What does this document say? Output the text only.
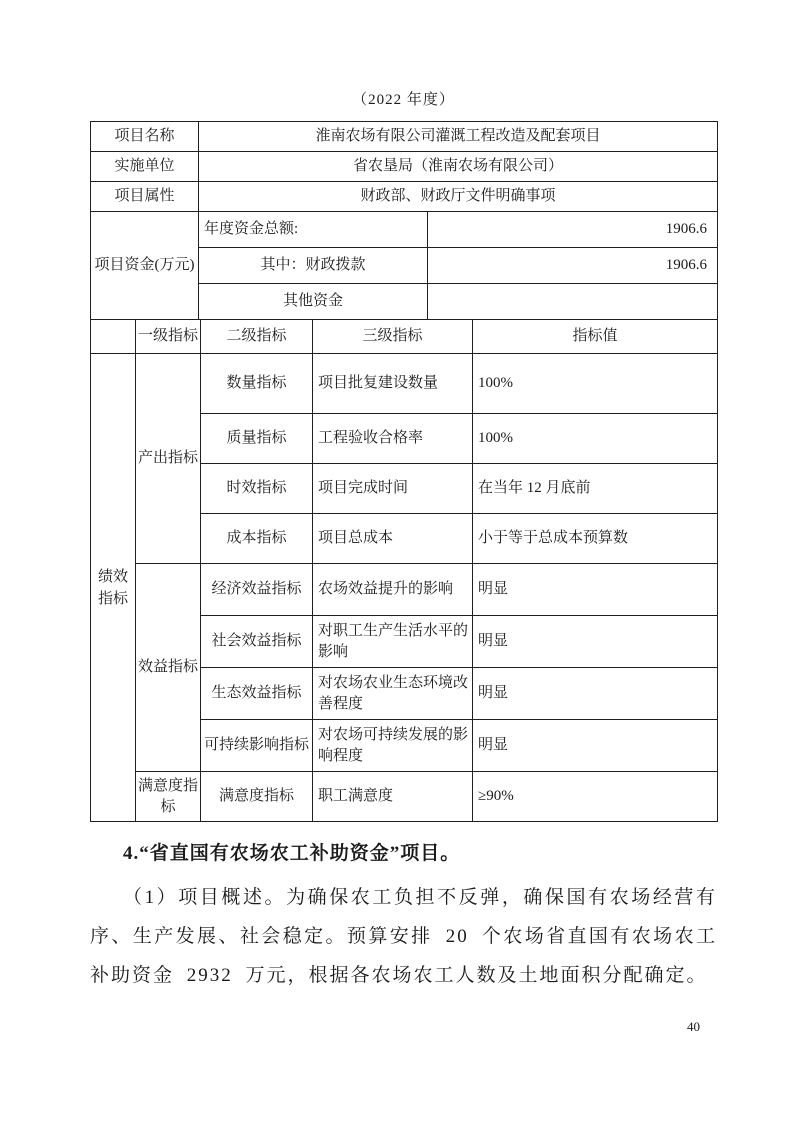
（2022 年度）
项目名称	淮南农场有限公司灌溉工程改造及配套项目	
实施单位	省农垦局（淮南农场有限公司）	
项目属性	财政部、财政厅文件明确事项	
项目资金(万元)	年度资金总额:	1906.6
	其中：财政拨款	1906.6
	其他资金	
	一级指标	二级指标	三级指标	指标值
绩效指标	产出指标	数量指标	项目批复建设数量	100%
		质量指标	工程验收合格率	100%
		时效指标	项目完成时间	在当年 12 月底前
		成本指标	项目总成本	小于等于总成本预算数
	效益指标	经济效益指标	农场效益提升的影响	明显
		社会效益指标	对职工生产生活水平的影响	明显
		生态效益指标	对农场农业生态环境改善程度	明显
		可持续影响指标	对农场可持续发展的影响程度	明显
	满意度指标	满意度指标	职工满意度	≥90%
4.“省直国有农场农工补助资金”项目。
（1）项目概述。为确保农工负担不反弹，确保国有农场经营有序、生产发展、社会稳定。预算安排 20 个农场省直国有农场农工补助资金 2932 万元，根据各农场农工人数及土地面积分配确定。
40
